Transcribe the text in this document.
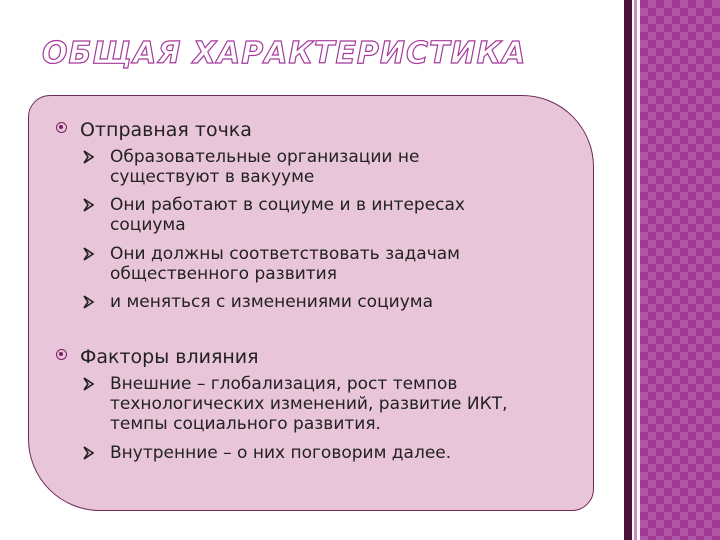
ОБЩАЯ ХАРАКТЕРИСТИКА
Отправная точка
Образовательные организации не
существуют в вакууме
Они работают в социуме и в интересах
социума
Они должны соответствовать задачам
общественного развития
и меняться с изменениями социума
Факторы влияния
Внешние – глобализация, рост темпов
технологических изменений, развитие ИКТ,
темпы социального развития.
Внутренние – о них поговорим далее.
